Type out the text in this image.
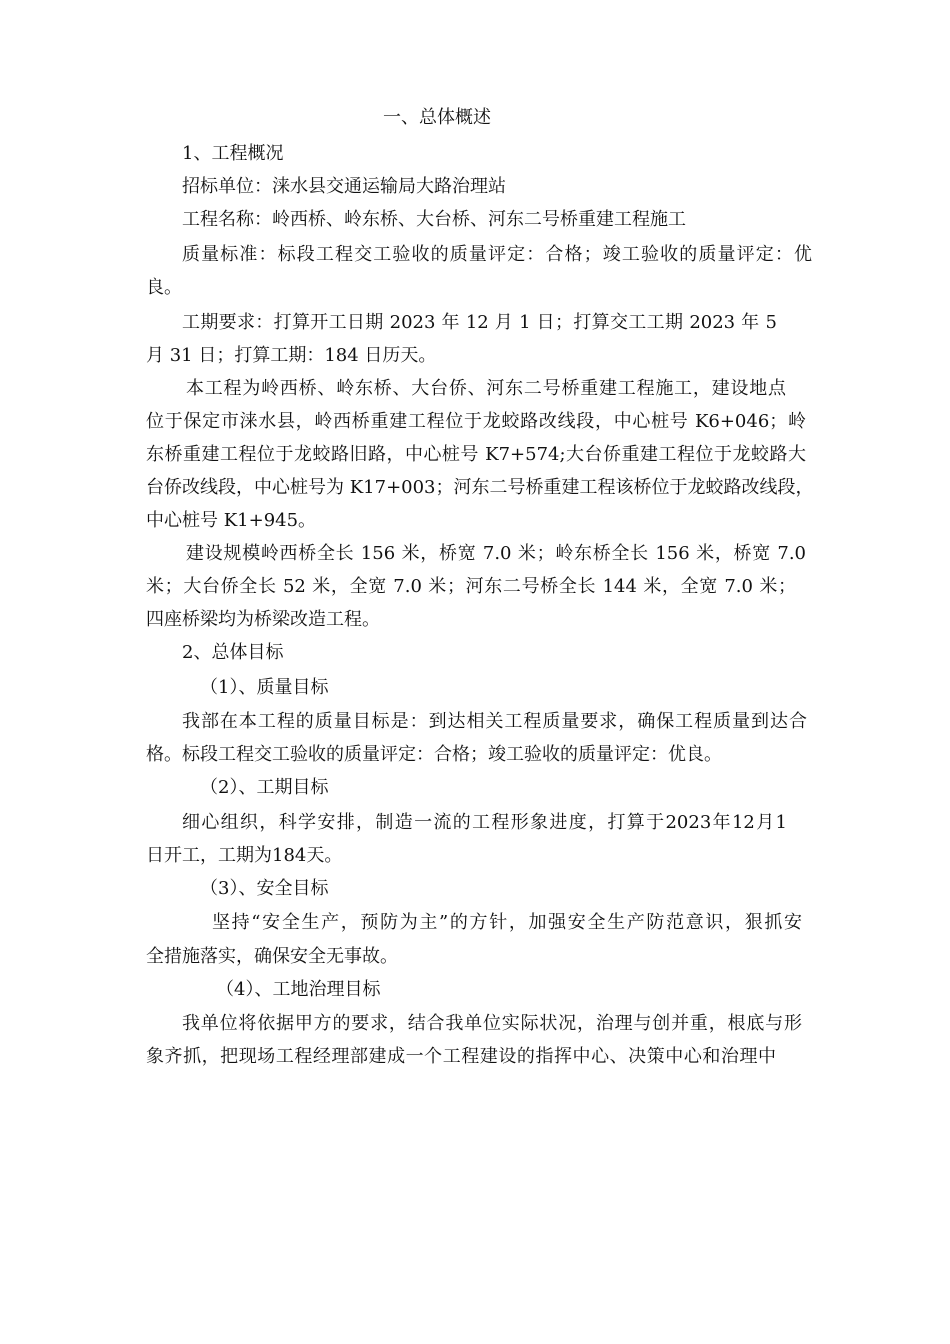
一、总体概述
1、工程概况
招标单位：涞水县交通运输局大路治理站
工程名称：岭西桥、岭东桥、大台桥、河东二号桥重建工程施工
质量标准：标段工程交工验收的质量评定：合格；竣工验收的质量评定：优
良。
工期要求：打算开工日期 2023 年 12 月 1 日；打算交工工期 2023 年 5
月 31 日；打算工期：184 日历天。
本工程为岭西桥、岭东桥、大台侨、河东二号桥重建工程施工，建设地点
位于保定市涞水县，岭西桥重建工程位于龙蛟路改线段，中心桩号 K6+046；岭
东桥重建工程位于龙蛟路旧路，中心桩号 K7+574;大台侨重建工程位于龙蛟路大
台侨改线段，中心桩号为 K17+003；河东二号桥重建工程该桥位于龙蛟路改线段，
中心桩号 K1+945。
建设规模岭西桥全长 156 米，桥宽 7.0 米；岭东桥全长 156 米，桥宽 7.0
米；大台侨全长 52 米，全宽 7.0 米；河东二号桥全长 144 米，全宽 7.0 米；
四座桥梁均为桥梁改造工程。
2、总体目标
（1）、质量目标
我部在本工程的质量目标是：到达相关工程质量要求，确保工程质量到达合
格。标段工程交工验收的质量评定：合格；竣工验收的质量评定：优良。
（2）、工期目标
细心组织，科学安排，制造一流的工程形象进度，打算于2023年12月1
日开工，工期为184天。
（3）、安全目标
坚持“安全生产，预防为主”的方针，加强安全生产防范意识，狠抓安
全措施落实，确保安全无事故。
（4）、工地治理目标
我单位将依据甲方的要求，结合我单位实际状况，治理与创并重，根底与形
象齐抓，把现场工程经理部建成一个工程建设的指挥中心、决策中心和治理中
